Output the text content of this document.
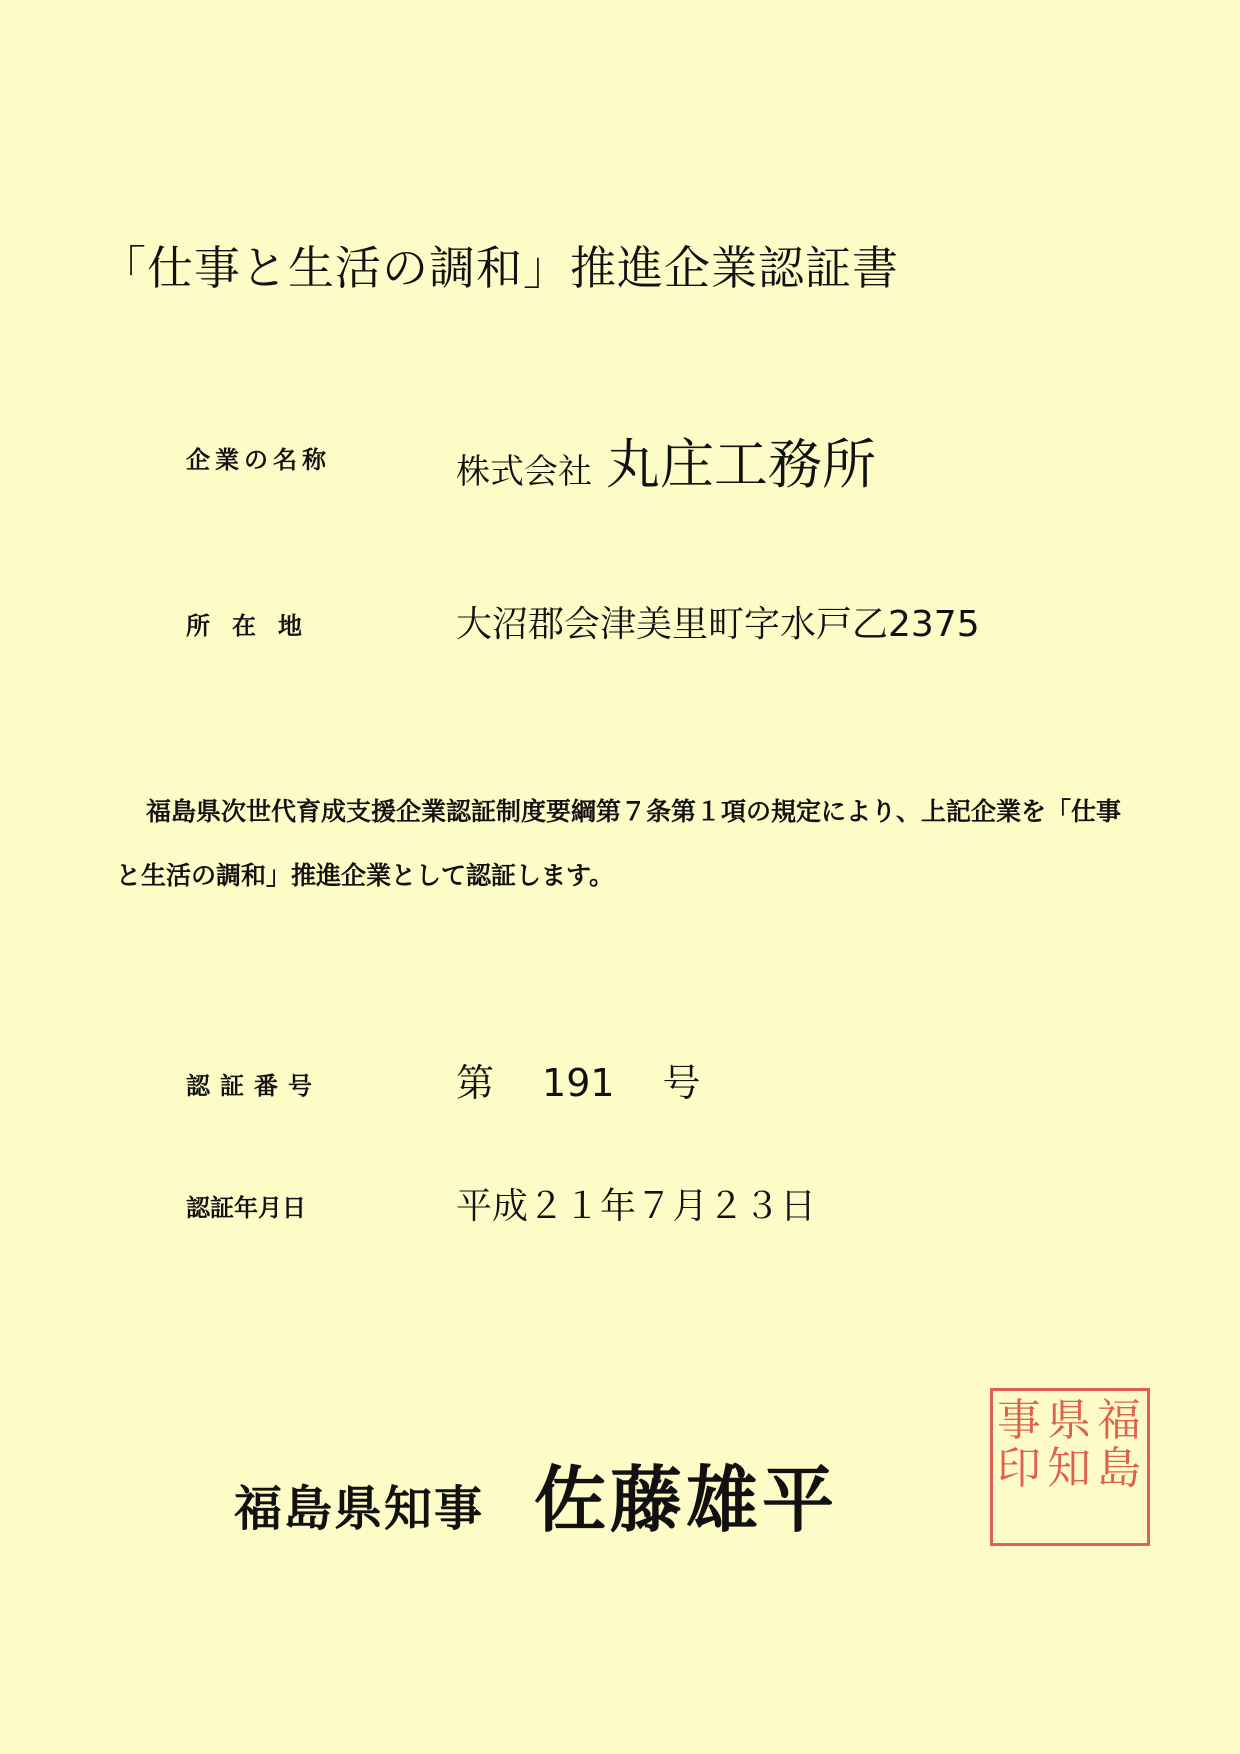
「仕事と生活の調和」推進企業認証書
企業の名称	株式会社 丸庄工務所
所在地	大沼郡会津美里町字水戸乙2375
福島県次世代育成支援企業認証制度要綱第７条第１項の規定により、上記企業を「仕事と生活の調和」推進企業として認証します。
認証番号	第 191 号
認証年月日	平成２１年７月２３日
福島県知事 佐藤雄平
福
島
県
知
事
印
